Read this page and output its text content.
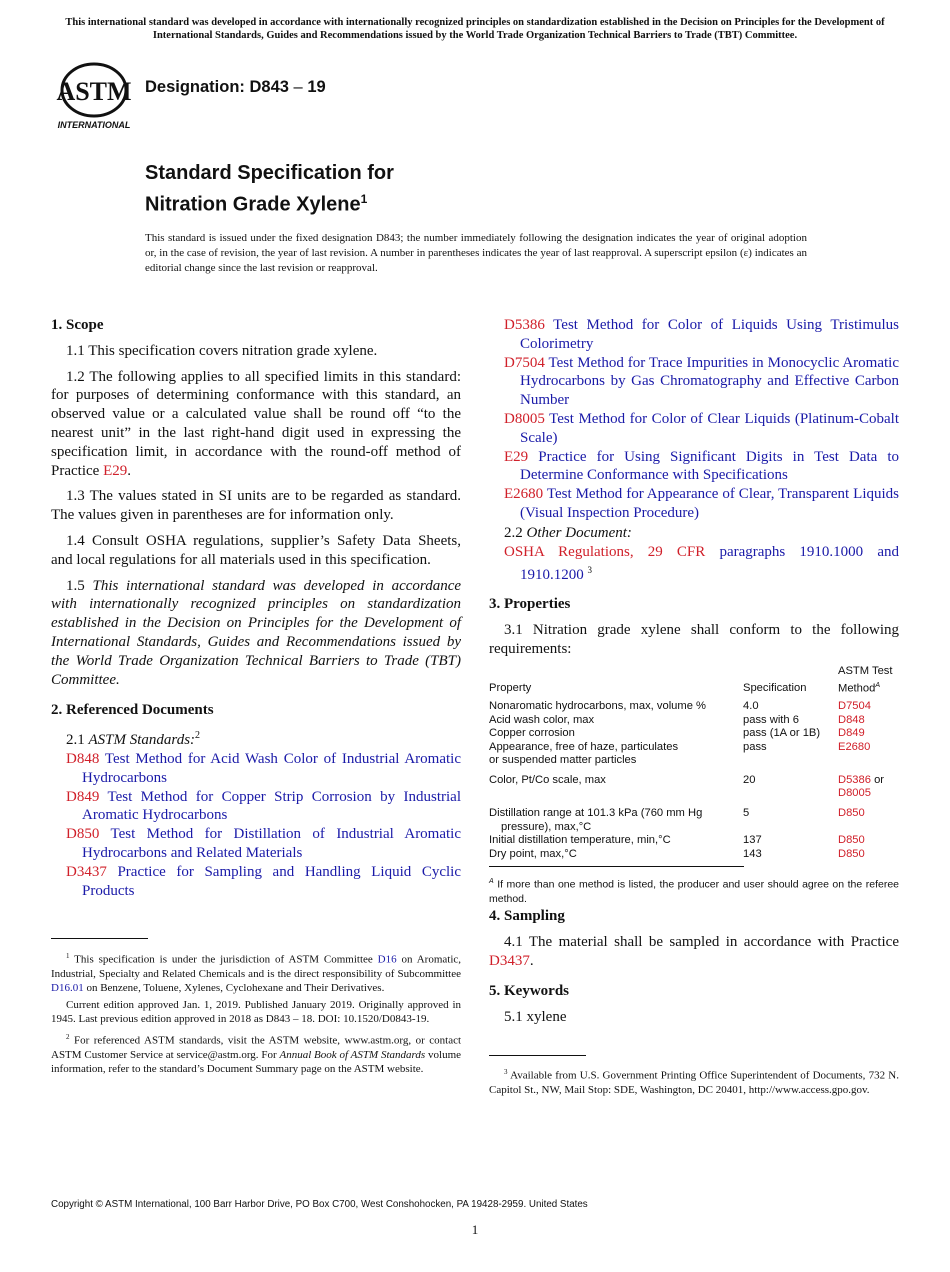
This international standard was developed in accordance with internationally recognized principles on standardization established in the Decision on Principles for the Development of International Standards, Guides and Recommendations issued by the World Trade Organization Technical Barriers to Trade (TBT) Committee.
ASTM
INTERNATIONAL
Designation: D843 – 19
Standard Specification for
Nitration Grade Xylene$^1$
This standard is issued under the fixed designation D843; the number immediately following the designation indicates the year of original adoption or, in the case of revision, the year of last revision. A number in parentheses indicates the year of last reapproval. A superscript epsilon (ε) indicates an editorial change since the last revision or reapproval.

1. Scope

1.1 This specification covers nitration grade xylene.

1.2 The following applies to all specified limits in this standard: for purposes of determining conformance with this standard, an observed value or a calculated value shall be round off “to the nearest unit” in the last right-hand digit used in expressing the specification limit, in accordance with the round-off method of Practice E29.

1.3 The values stated in SI units are to be regarded as standard. The values given in parentheses are for information only.

1.4 Consult OSHA regulations, supplier’s Safety Data Sheets, and local regulations for all materials used in this specification.

1.5 This international standard was developed in accordance with internationally recognized principles on standardization established in the Decision on Principles for the Development of International Standards, Guides and Recommendations issued by the World Trade Organization Technical Barriers to Trade (TBT) Committee.

2. Referenced Documents

2.1 ASTM Standards:$^2$

D848 Test Method for Acid Wash Color of Industrial Aromatic Hydrocarbons

D849 Test Method for Copper Strip Corrosion by Industrial Aromatic Hydrocarbons

D850 Test Method for Distillation of Industrial Aromatic Hydrocarbons and Related Materials

D3437 Practice for Sampling and Handling Liquid Cyclic Products

$^1$ This specification is under the jurisdiction of ASTM Committee D16 on Aromatic, Industrial, Specialty and Related Chemicals and is the direct responsibility of Subcommittee D16.01 on Benzene, Toluene, Xylenes, Cyclohexane and Their Derivatives.

Current edition approved Jan. 1, 2019. Published January 2019. Originally approved in 1945. Last previous edition approved in 2018 as D843 – 18. DOI: 10.1520/D0843-19.

$^2$ For referenced ASTM standards, visit the ASTM website, www.astm.org, or contact ASTM Customer Service at service@astm.org. For Annual Book of ASTM Standards volume information, refer to the standard’s Document Summary page on the ASTM website.

D5386 Test Method for Color of Liquids Using Tristimulus Colorimetry

D7504 Test Method for Trace Impurities in Monocyclic Aromatic Hydrocarbons by Gas Chromatography and Effective Carbon Number

D8005 Test Method for Color of Clear Liquids (Platinum-Cobalt Scale)

E29 Practice for Using Significant Digits in Test Data to Determine Conformance with Specifications

E2680 Test Method for Appearance of Clear, Transparent Liquids (Visual Inspection Procedure)

2.2 Other Document:

OSHA Regulations, 29 CFR paragraphs 1910.1000 and 1910.1200 $^3$

3. Properties

3.1 Nitration grade xylene shall conform to the following requirements:

Property	Specification	ASTM Test
Method$^A$
Nonaromatic hydrocarbons, max, volume %	4.0	D7504
Acid wash color, max	pass with 6	D848
Copper corrosion	pass (1A or 1B)	D849
Appearance, free of haze, particulates
or suspended matter particles	pass	E2680
Color, Pt/Co scale, max	20	D5386 or
D8005
Distillation range at 101.3 kPa (760 mm Hg
pressure), max,°C	5	D850
Initial distillation temperature, min,°C	137	D850
Dry point, max,°C	143	D850

$^A$ If more than one method is listed, the producer and user should agree on the referee method.

4. Sampling

4.1 The material shall be sampled in accordance with Practice D3437.

5. Keywords

5.1 xylene

$^3$ Available from U.S. Government Printing Office Superintendent of Documents, 732 N. Capitol St., NW, Mail Stop: SDE, Washington, DC 20401, http://www.access.gpo.gov.

Copyright © ASTM International, 100 Barr Harbor Drive, PO Box C700, West Conshohocken, PA 19428-2959. United States
1
